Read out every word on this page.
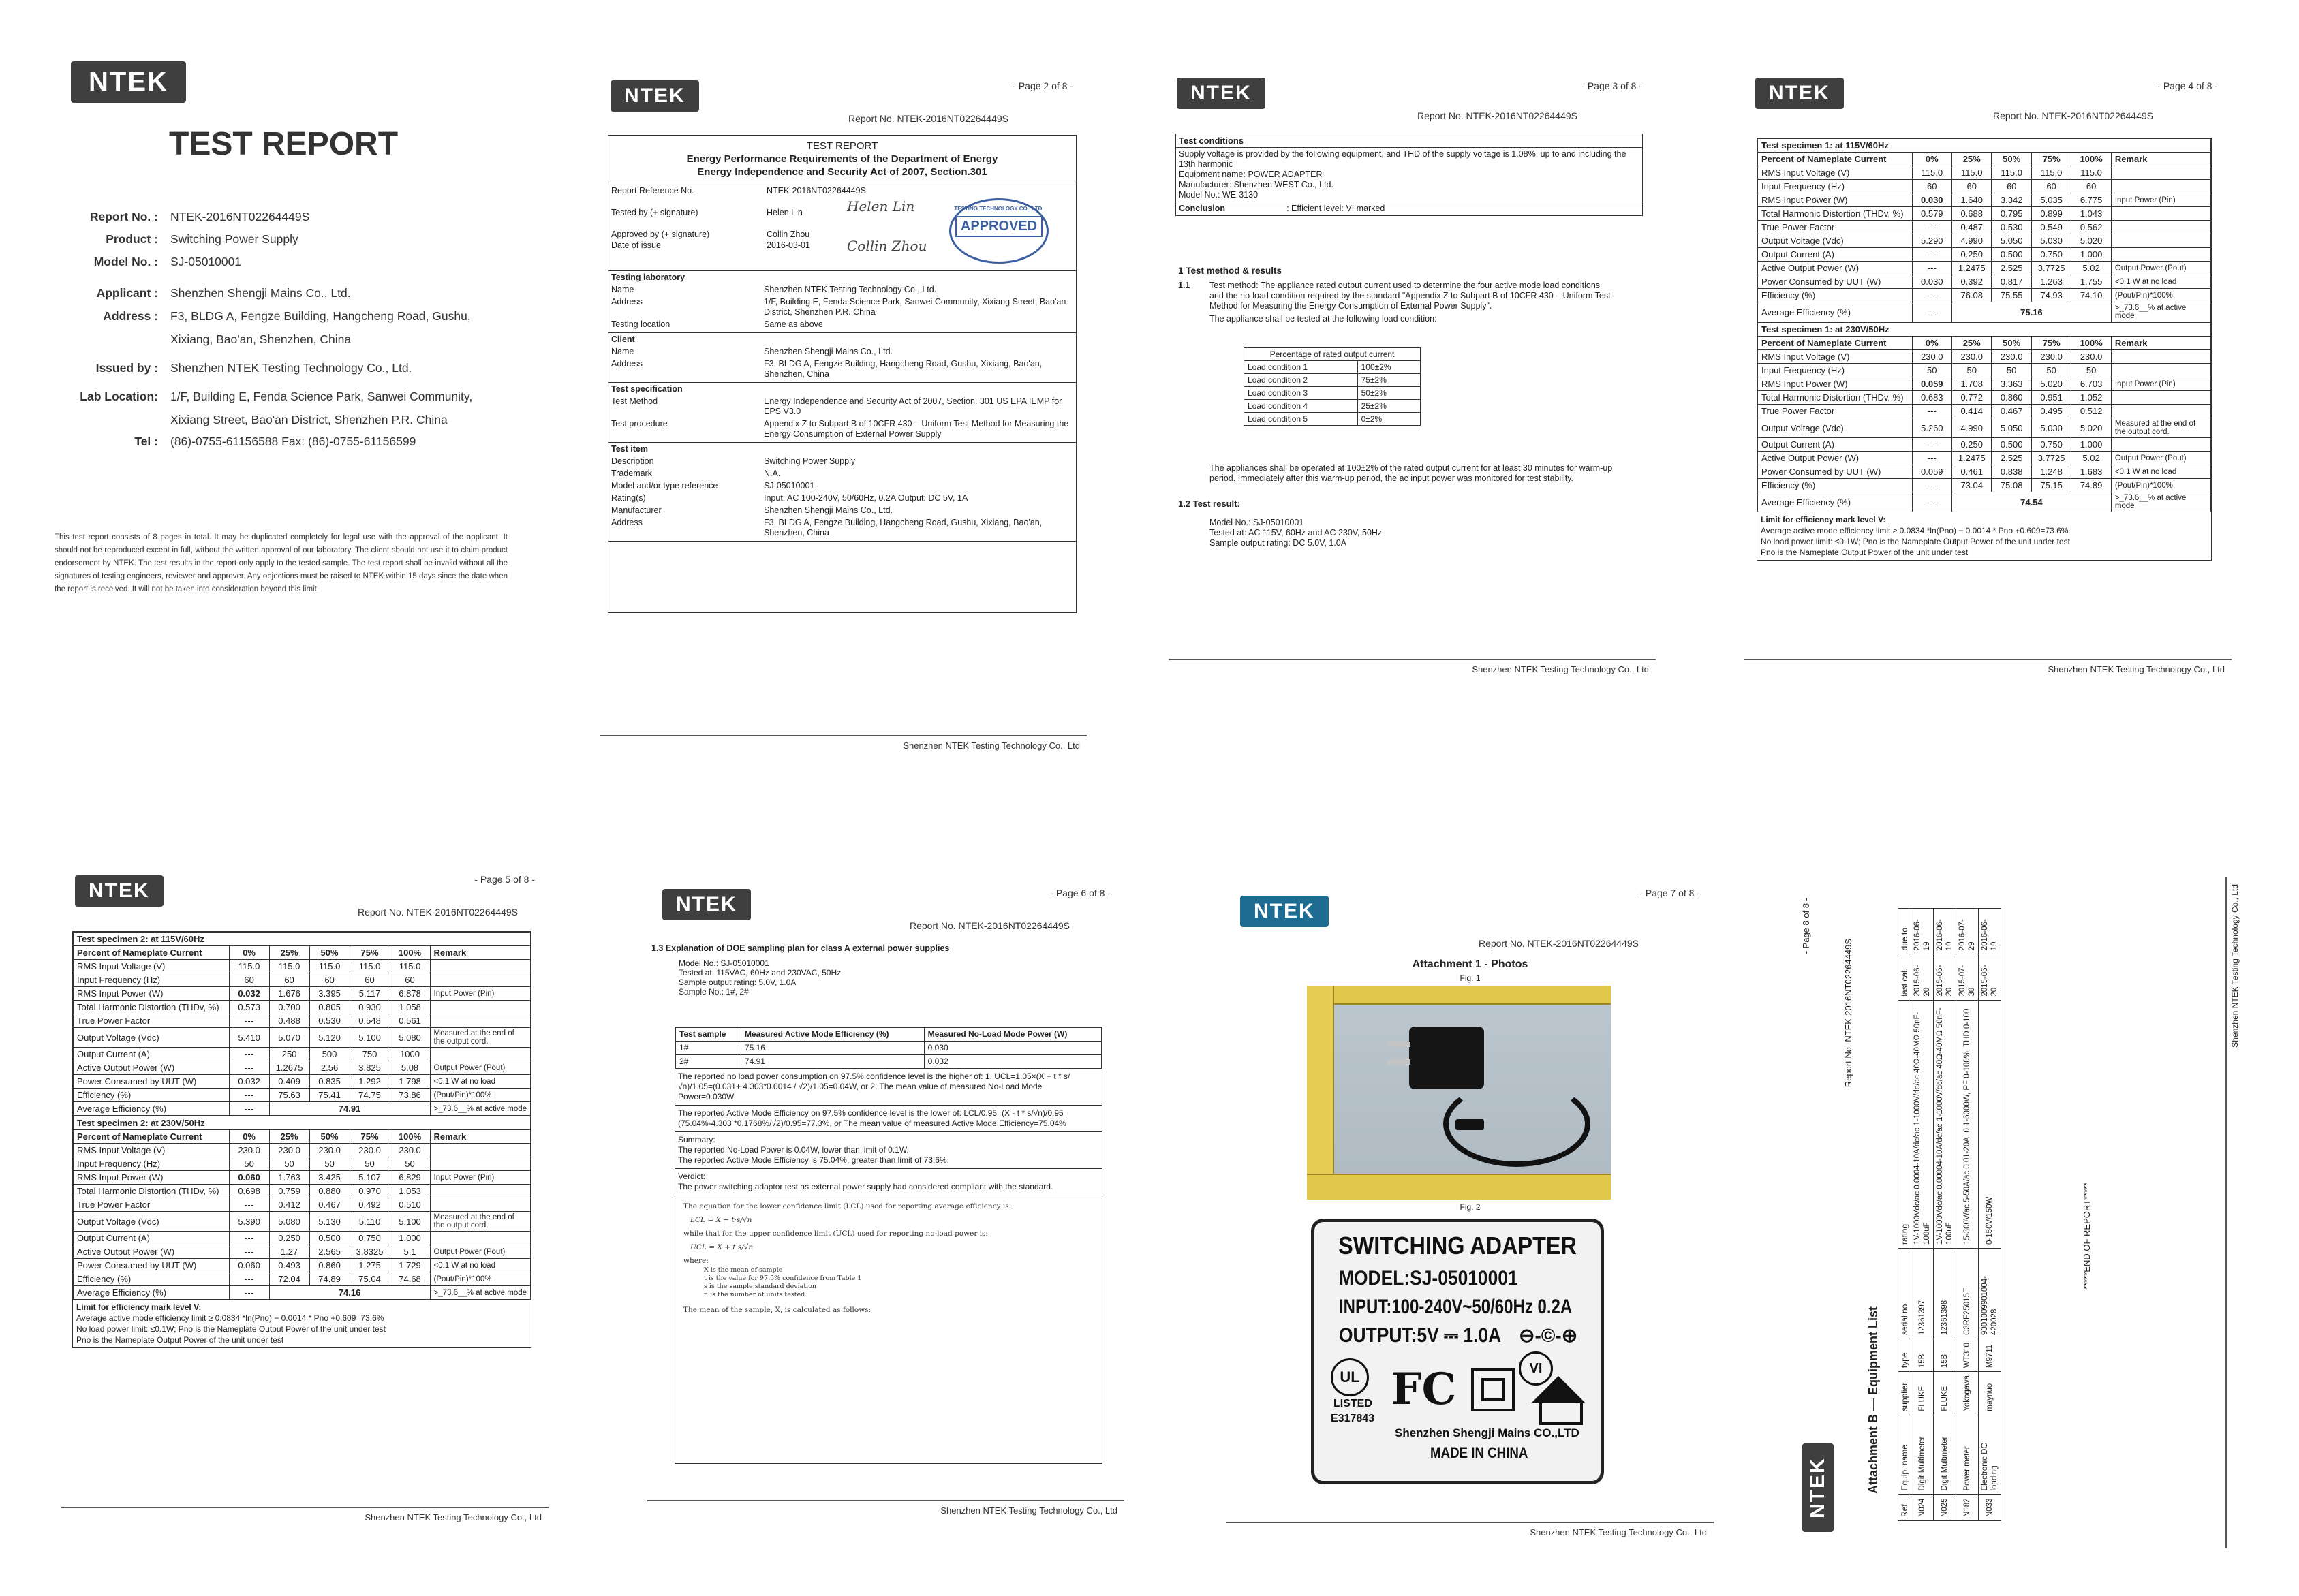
NTEK
TEST REPORT
Report No. : NTEK-2016NT02264449S
Product : Switching Power Supply
Model No. : SJ-05010001
Applicant : Shenzhen Shengji Mains Co., Ltd.
Address : F3, BLDG A, Fengze Building, Hangcheng Road, Gushu,
Xixiang, Bao'an, Shenzhen, China
Issued by : Shenzhen NTEK Testing Technology Co., Ltd.
Lab Location: 1/F, Building E, Fenda Science Park, Sanwei Community,
Xixiang Street, Bao'an District, Shenzhen P.R. China
Tel : (86)-0755-61156588 Fax: (86)-0755-61156599
This test report consists of 8 pages in total. It may be duplicated completely for legal use with the approval of the applicant. It should not be reproduced except in full, without the written approval of our laboratory. The client should not use it to claim product endorsement by NTEK. The test results in the report only apply to the tested sample. The test report shall be invalid without all the signatures of testing engineers, reviewer and approver. Any objections must be raised to NTEK within 15 days since the date when the report is received. It will not be taken into consideration beyond this limit.
- Page 2 of 8 -
NTEK
Report No. NTEK-2016NT02264449S
TEST REPORT
Energy Performance Requirements of the Department of Energy
Energy Independence and Security Act of 2007, Section.301
Report Reference No.	NTEK-2016NT02264449S
Tested by (+ signature)	Helen Lin
Approved by (+ signature)	Collin Zhou
Date of issue	2016-03-01
Helen Lin
Collin Zhou
TESTING TECHNOLOGY CO., LTD.
APPROVED
Testing laboratory
Name	Shenzhen NTEK Testing Technology Co., Ltd.
Address	1/F, Building E, Fenda Science Park, Sanwei Community, Xixiang Street, Bao'an District, Shenzhen P.R. China
Testing location	Same as above
Client
Name	Shenzhen Shengji Mains Co., Ltd.
Address	F3, BLDG A, Fengze Building, Hangcheng Road, Gushu, Xixiang, Bao'an, Shenzhen, China
Test specification
Test Method	Energy Independence and Security Act of 2007, Section. 301 US EPA IEMP for EPS V3.0
Test procedure	Appendix Z to Subpart B of 10CFR 430 – Uniform Test Method for Measuring the Energy Consumption of External Power Supply
Test item
Description	Switching Power Supply
Trademark	N.A.
Model and/or type reference	SJ-05010001
Rating(s)	Input: AC 100-240V, 50/60Hz, 0.2A Output: DC 5V, 1A
Manufacturer	Shenzhen Shengji Mains Co., Ltd.
Address	F3, BLDG A, Fengze Building, Hangcheng Road, Gushu, Xixiang, Bao'an, Shenzhen, China
Shenzhen NTEK Testing Technology Co., Ltd
- Page 3 of 8 -
NTEK
Report No. NTEK-2016NT02264449S
Test conditions
Supply voltage is provided by the following equipment, and THD of the supply voltage is 1.08%, up to and including the 13th harmonic
Equipment name: POWER ADAPTER
Manufacturer: Shenzhen WEST Co., Ltd.
Model No.: WE-3130
Conclusion	: Efficient level: VI marked
1 Test method & results
1.1 Test method: The appliance rated output current used to determine the four active mode load conditions and the no-load condition required by the standard "Appendix Z to Subpart B of 10CFR 430 – Uniform Test Method for Measuring the Energy Consumption of External Power Supply".
The appliance shall be tested at the following load condition:
Percentage of rated output current	
Load condition 1	100±2%
Load condition 2	75±2%
Load condition 3	50±2%
Load condition 4	25±2%
Load condition 5	0±2%
The appliances shall be operated at 100±2% of the rated output current for at least 30 minutes for warm-up period. Immediately after this warm-up period, the ac input power was monitored for test stability.
1.2 Test result:
Model No.: SJ-05010001
Tested at: AC 115V, 60Hz and AC 230V, 50Hz
Sample output rating: DC 5.0V, 1.0A
Shenzhen NTEK Testing Technology Co., Ltd
- Page 4 of 8 -
NTEK
Report No. NTEK-2016NT02264449S
Test specimen 1: at 115V/60Hz						
Percent of Nameplate Current	0%	25%	50%	75%	100%	Remark
RMS Input Voltage (V)	115.0	115.0	115.0	115.0	115.0	
Input Frequency (Hz)	60	60	60	60	60	
RMS Input Power (W)	0.030	1.640	3.342	5.035	6.775	Input Power (Pin)
Total Harmonic Distortion (THDv, %)	0.579	0.688	0.795	0.899	1.043	
True Power Factor	---	0.487	0.530	0.549	0.562	
Output Voltage (Vdc)	5.290	4.990	5.050	5.030	5.020	
Output Current (A)	---	0.250	0.500	0.750	1.000	
Active Output Power (W)	---	1.2475	2.525	3.7725	5.02	Output Power (Pout)
Power Consumed by UUT (W)	0.030	0.392	0.817	1.263	1.755	<0.1 W at no load
Efficiency (%)	---	76.08	75.55	74.93	74.10	(Pout/Pin)*100%
Average Efficiency (%)	---	75.16				>_73.6__% at active mode
Test specimen 1: at 230V/50Hz						
Percent of Nameplate Current	0%	25%	50%	75%	100%	Remark
RMS Input Voltage (V)	230.0	230.0	230.0	230.0	230.0	
Input Frequency (Hz)	50	50	50	50	50	
RMS Input Power (W)	0.059	1.708	3.363	5.020	6.703	Input Power (Pin)
Total Harmonic Distortion (THDv, %)	0.683	0.772	0.860	0.951	1.052	
True Power Factor	---	0.414	0.467	0.495	0.512	
Output Voltage (Vdc)	5.260	4.990	5.050	5.030	5.020	Measured at the end of the output cord.
Output Current (A)	---	0.250	0.500	0.750	1.000	
Active Output Power (W)	---	1.2475	2.525	3.7725	5.02	Output Power (Pout)
Power Consumed by UUT (W)	0.059	0.461	0.838	1.248	1.683	<0.1 W at no load
Efficiency (%)	---	73.04	75.08	75.15	74.89	(Pout/Pin)*100%
Average Efficiency (%)	---	74.54				>_73.6__% at active mode
Limit for efficiency mark level V:
Average active mode efficiency limit ≥ 0.0834 *ln(Pno) − 0.0014 * Pno +0.609=73.6%
No load power limit: ≤0.1W; Pno is the Nameplate Output Power of the unit under test
Pno is the Nameplate Output Power of the unit under test
Shenzhen NTEK Testing Technology Co., Ltd
- Page 5 of 8 -
NTEK
Report No. NTEK-2016NT02264449S
Test specimen 2: at 115V/60Hz						
Percent of Nameplate Current	0%	25%	50%	75%	100%	Remark
RMS Input Voltage (V)	115.0	115.0	115.0	115.0	115.0	
Input Frequency (Hz)	60	60	60	60	60	
RMS Input Power (W)	0.032	1.676	3.395	5.117	6.878	Input Power (Pin)
Total Harmonic Distortion (THDv, %)	0.573	0.700	0.805	0.930	1.058	
True Power Factor	---	0.488	0.530	0.548	0.561	
Output Voltage (Vdc)	5.410	5.070	5.120	5.100	5.080	Measured at the end of the output cord.
Output Current (A)	---	250	500	750	1000	
Active Output Power (W)	---	1.2675	2.56	3.825	5.08	Output Power (Pout)
Power Consumed by UUT (W)	0.032	0.409	0.835	1.292	1.798	<0.1 W at no load
Efficiency (%)	---	75.63	75.41	74.75	73.86	(Pout/Pin)*100%
Average Efficiency (%)	---	74.91				>_73.6__% at active mode
Test specimen 2: at 230V/50Hz						
Percent of Nameplate Current	0%	25%	50%	75%	100%	Remark
RMS Input Voltage (V)	230.0	230.0	230.0	230.0	230.0	
Input Frequency (Hz)	50	50	50	50	50	
RMS Input Power (W)	0.060	1.763	3.425	5.107	6.829	Input Power (Pin)
Total Harmonic Distortion (THDv, %)	0.698	0.759	0.880	0.970	1.053	
True Power Factor	---	0.412	0.467	0.492	0.510	
Output Voltage (Vdc)	5.390	5.080	5.130	5.110	5.100	Measured at the end of the output cord.
Output Current (A)	---	0.250	0.500	0.750	1.000	
Active Output Power (W)	---	1.27	2.565	3.8325	5.1	Output Power (Pout)
Power Consumed by UUT (W)	0.060	0.493	0.860	1.275	1.729	<0.1 W at no load
Efficiency (%)	---	72.04	74.89	75.04	74.68	(Pout/Pin)*100%
Average Efficiency (%)	---	74.16				>_73.6__% at active mode
Limit for efficiency mark level V:
Average active mode efficiency limit ≥ 0.0834 *ln(Pno) − 0.0014 * Pno +0.609=73.6%
No load power limit: ≤0.1W; Pno is the Nameplate Output Power of the unit under test
Pno is the Nameplate Output Power of the unit under test
Shenzhen NTEK Testing Technology Co., Ltd
- Page 6 of 8 -
NTEK
Report No. NTEK-2016NT02264449S
1.3 Explanation of DOE sampling plan for class A external power supplies
Model No.: SJ-05010001
Tested at: 115VAC, 60Hz and 230VAC, 50Hz
Sample output rating: 5.0V, 1.0A
Sample No.: 1#, 2#
Test sample	Measured Active Mode Efficiency (%)	Measured No-Load Mode Power (W)
1#	75.16	0.030
2#	74.91	0.032
The reported no load power consumption on 97.5% confidence level is the higher of: 1. UCL=1.05×(X + t * s/√n)/1.05=(0.031+ 4.303*0.0014 / √2)/1.05=0.04W, or 2. The mean value of measured No-Load Mode Power=0.030W
The reported Active Mode Efficiency on 97.5% confidence level is the lower of: LCL/0.95=(X - t * s/√n)/0.95=(75.04%-4.303 *0.1768%/√2)/0.95=77.3%, or The mean value of measured Active Mode Efficiency=75.04%
Summary:
The reported No-Load Power is 0.04W, lower than limit of 0.1W.
The reported Active Mode Efficiency is 75.04%, greater than limit of 73.6%.
Verdict:
The power switching adaptor test as external power supply had considered compliant with the standard.
The equation for the lower confidence limit (LCL) used for reporting average efficiency is:
LCL = X − t·s/√n
while that for the upper confidence limit (UCL) used for reporting no-load power is:
UCL = X + t·s/√n
where:
X is the mean of sample
t is the value for 97.5% confidence from Table 1
s is the sample standard deviation
n is the number of units tested
The mean of the sample, X, is calculated as follows:
Shenzhen NTEK Testing Technology Co., Ltd
- Page 7 of 8 -
NTEK
Report No. NTEK-2016NT02264449S
Attachment 1 - Photos
Fig. 1
Fig. 2
SWITCHING ADAPTER
MODEL:SJ-05010001
INPUT:100-240V~50/60Hz 0.2A
OUTPUT:5V ⎓ 1.0A ⊖-©-⊕
UL
LISTED
E317843
FC	VI
Shenzhen Shengji Mains CO.,LTD
MADE IN CHINA
Shenzhen NTEK Testing Technology Co., Ltd
NTEK
- Page 8 of 8 -
Report No. NTEK-2016NT02264449S
Attachment B — Equipment List
Ref.	Equip. name	supplier	type	serial no	rating	last cal.	due to
N024	Digit Multimeter	FLUKE	15B	12361397	1V-1000Vdc/ac 0.0004-10A/dc/ac 1-1000V/dc/ac 40Ω-40MΩ 50nF-100uF	2015-06-20	2016-06-19
N025	Digit Multimeter	FLUKE	15B	12361398	1V-1000Vdc/ac 0.00004-10A/dc/ac 1-1000V/dc/ac 40Ω-40MΩ 50nF-100uF	2015-06-20	2016-06-19
N182	Power meter	Yokogawa	WT310	C3RF25015E	15-300V/ac 5-50A/ac 0.01-20A, 0.1-6000W, PF 0-100%, THD 0-100	2015-07-30	2016-07-29
N033	Electronic DC loading	maynuo	M9711	9001009901004-420028	0-150V/150W	2015-06-20	2016-06-19
*****END OF REPORT*****
Shenzhen NTEK Testing Technology Co., Ltd
